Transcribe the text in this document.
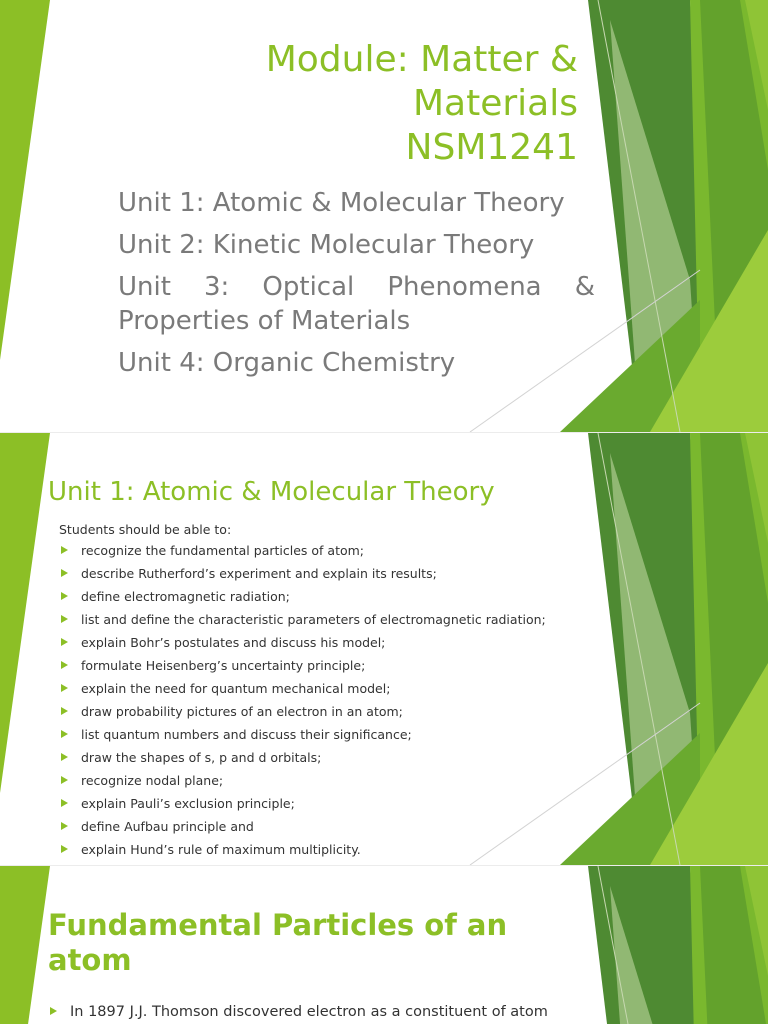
Module: Matter &
Materials
NSM1241
Unit 1: Atomic & Molecular Theory
Unit 2: Kinetic Molecular Theory
Unit 3: Optical Phenomena & Properties of Materials
Unit 4: Organic Chemistry
Unit 1: Atomic & Molecular Theory

Students should be able to:

recognize the fundamental particles of atom;
describe Rutherford’s experiment and explain its results;
define electromagnetic radiation;
list and define the characteristic parameters of electromagnetic radiation;
explain Bohr’s postulates and discuss his model;
formulate Heisenberg’s uncertainty principle;
explain the need for quantum mechanical model;
draw probability pictures of an electron in an atom;
list quantum numbers and discuss their significance;
draw the shapes of s, p and d orbitals;
recognize nodal plane;
explain Pauli’s exclusion principle;
define Aufbau principle and
explain Hund’s rule of maximum multiplicity.
Fundamental Particles of an atom
In 1897 J.J. Thomson discovered electron as a constituent of atom
